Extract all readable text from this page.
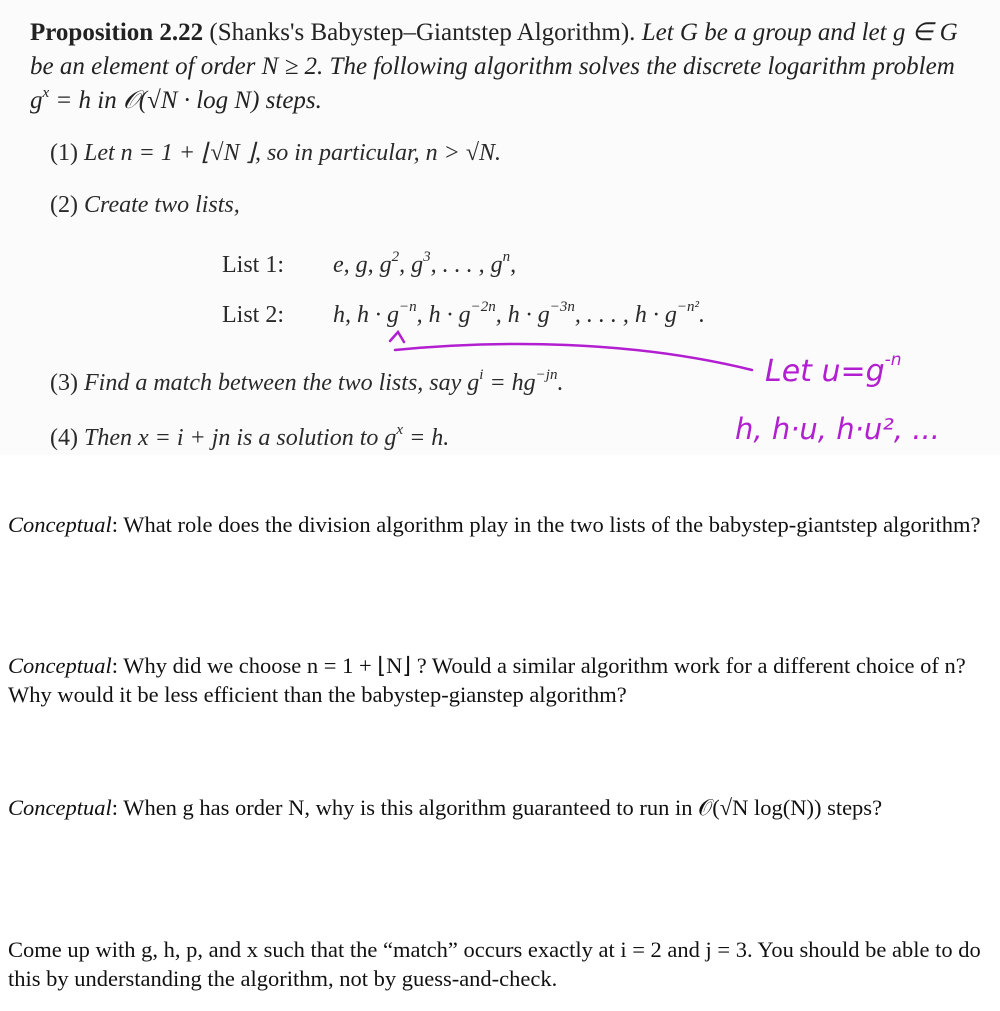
Proposition 2.22 (Shanks's Babystep–Giantstep Algorithm). Let G be a group and let g ∈ G be an element of order N ≥ 2. The following algorithm solves the discrete logarithm problem $g^x = h$ in 𝒪(√N · log N) steps.
(1) Let n = 1 + ⌊√N ⌋, so in particular, n > √N.
(2) Create two lists,
List 1: e, g, $g^2$, $g^3$, . . . , $g^n$,
List 2: h, $h \cdot g^{-n}$, $h \cdot g^{-2n}$, $h \cdot g^{-3n}$, . . . , $h \cdot g^{-n^2}$.
(3) Find a match between the two lists, say $g^i = hg^{-jn}$.
(4) Then x = i + jn is a solution to $g^x = h$.
Let $u=g^{-n}$
h, h·u, h·u², ...
Conceptual: What role does the division algorithm play in the two lists of the babystep-giantstep algorithm?
Conceptual: Why did we choose n = 1 + ⌊N⌋ ? Would a similar algorithm work for a different choice of n? Why would it be less efficient than the babystep-gianstep algorithm?
Conceptual: When g has order N, why is this algorithm guaranteed to run in 𝒪(√N log(N)) steps?
Come up with g, h, p, and x such that the “match” occurs exactly at i = 2 and j = 3. You should be able to do this by understanding the algorithm, not by guess-and-check.
